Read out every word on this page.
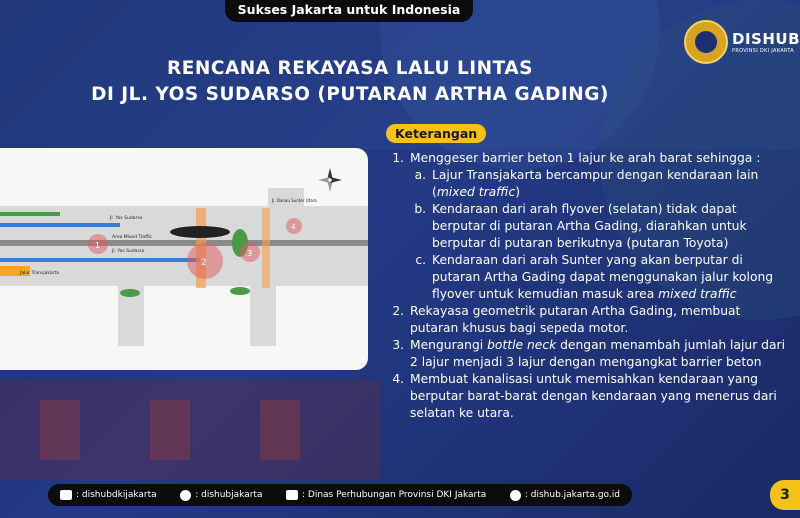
Sukses Jakarta untuk Indonesia
DISHUB
PROVINSI DKI JAKARTA
RENCANA REKAYASA LALU LINTAS
DI JL. YOS SUDARSO (PUTARAN ARTHA GADING)
1
2
3
4
Jl. Yos Sudarso
Jl. Yos Sudarso
Area Mixed Traffic
Jalur Transjakarta
Jl. Danau Sunter Utara
Keterangan
1. Menggeser barrier beton 1 lajur ke arah barat sehingga :
a. Lajur Transjakarta bercampur dengan kendaraan lain (mixed traffic)
b. Kendaraan dari arah flyover (selatan) tidak dapat berputar di putaran Artha Gading, diarahkan untuk berputar di putaran berikutnya (putaran Toyota)
c. Kendaraan dari arah Sunter yang akan berputar di putaran Artha Gading dapat menggunakan jalur kolong flyover untuk kemudian masuk area mixed traffic
2. Rekayasa geometrik putaran Artha Gading, membuat putaran khusus bagi sepeda motor.
3. Mengurangi bottle neck dengan menambah jumlah lajur dari 2 lajur menjadi 3 lajur dengan mengangkat barrier beton
4. Membuat kanalisasi untuk memisahkan kendaraan yang berputar barat-barat dengan kendaraan yang menerus dari selatan ke utara.
: dishubdkijakarta	: dishubjakarta	: Dinas Perhubungan Provinsi DKI Jakarta	: dishub.jakarta.go.id	3
